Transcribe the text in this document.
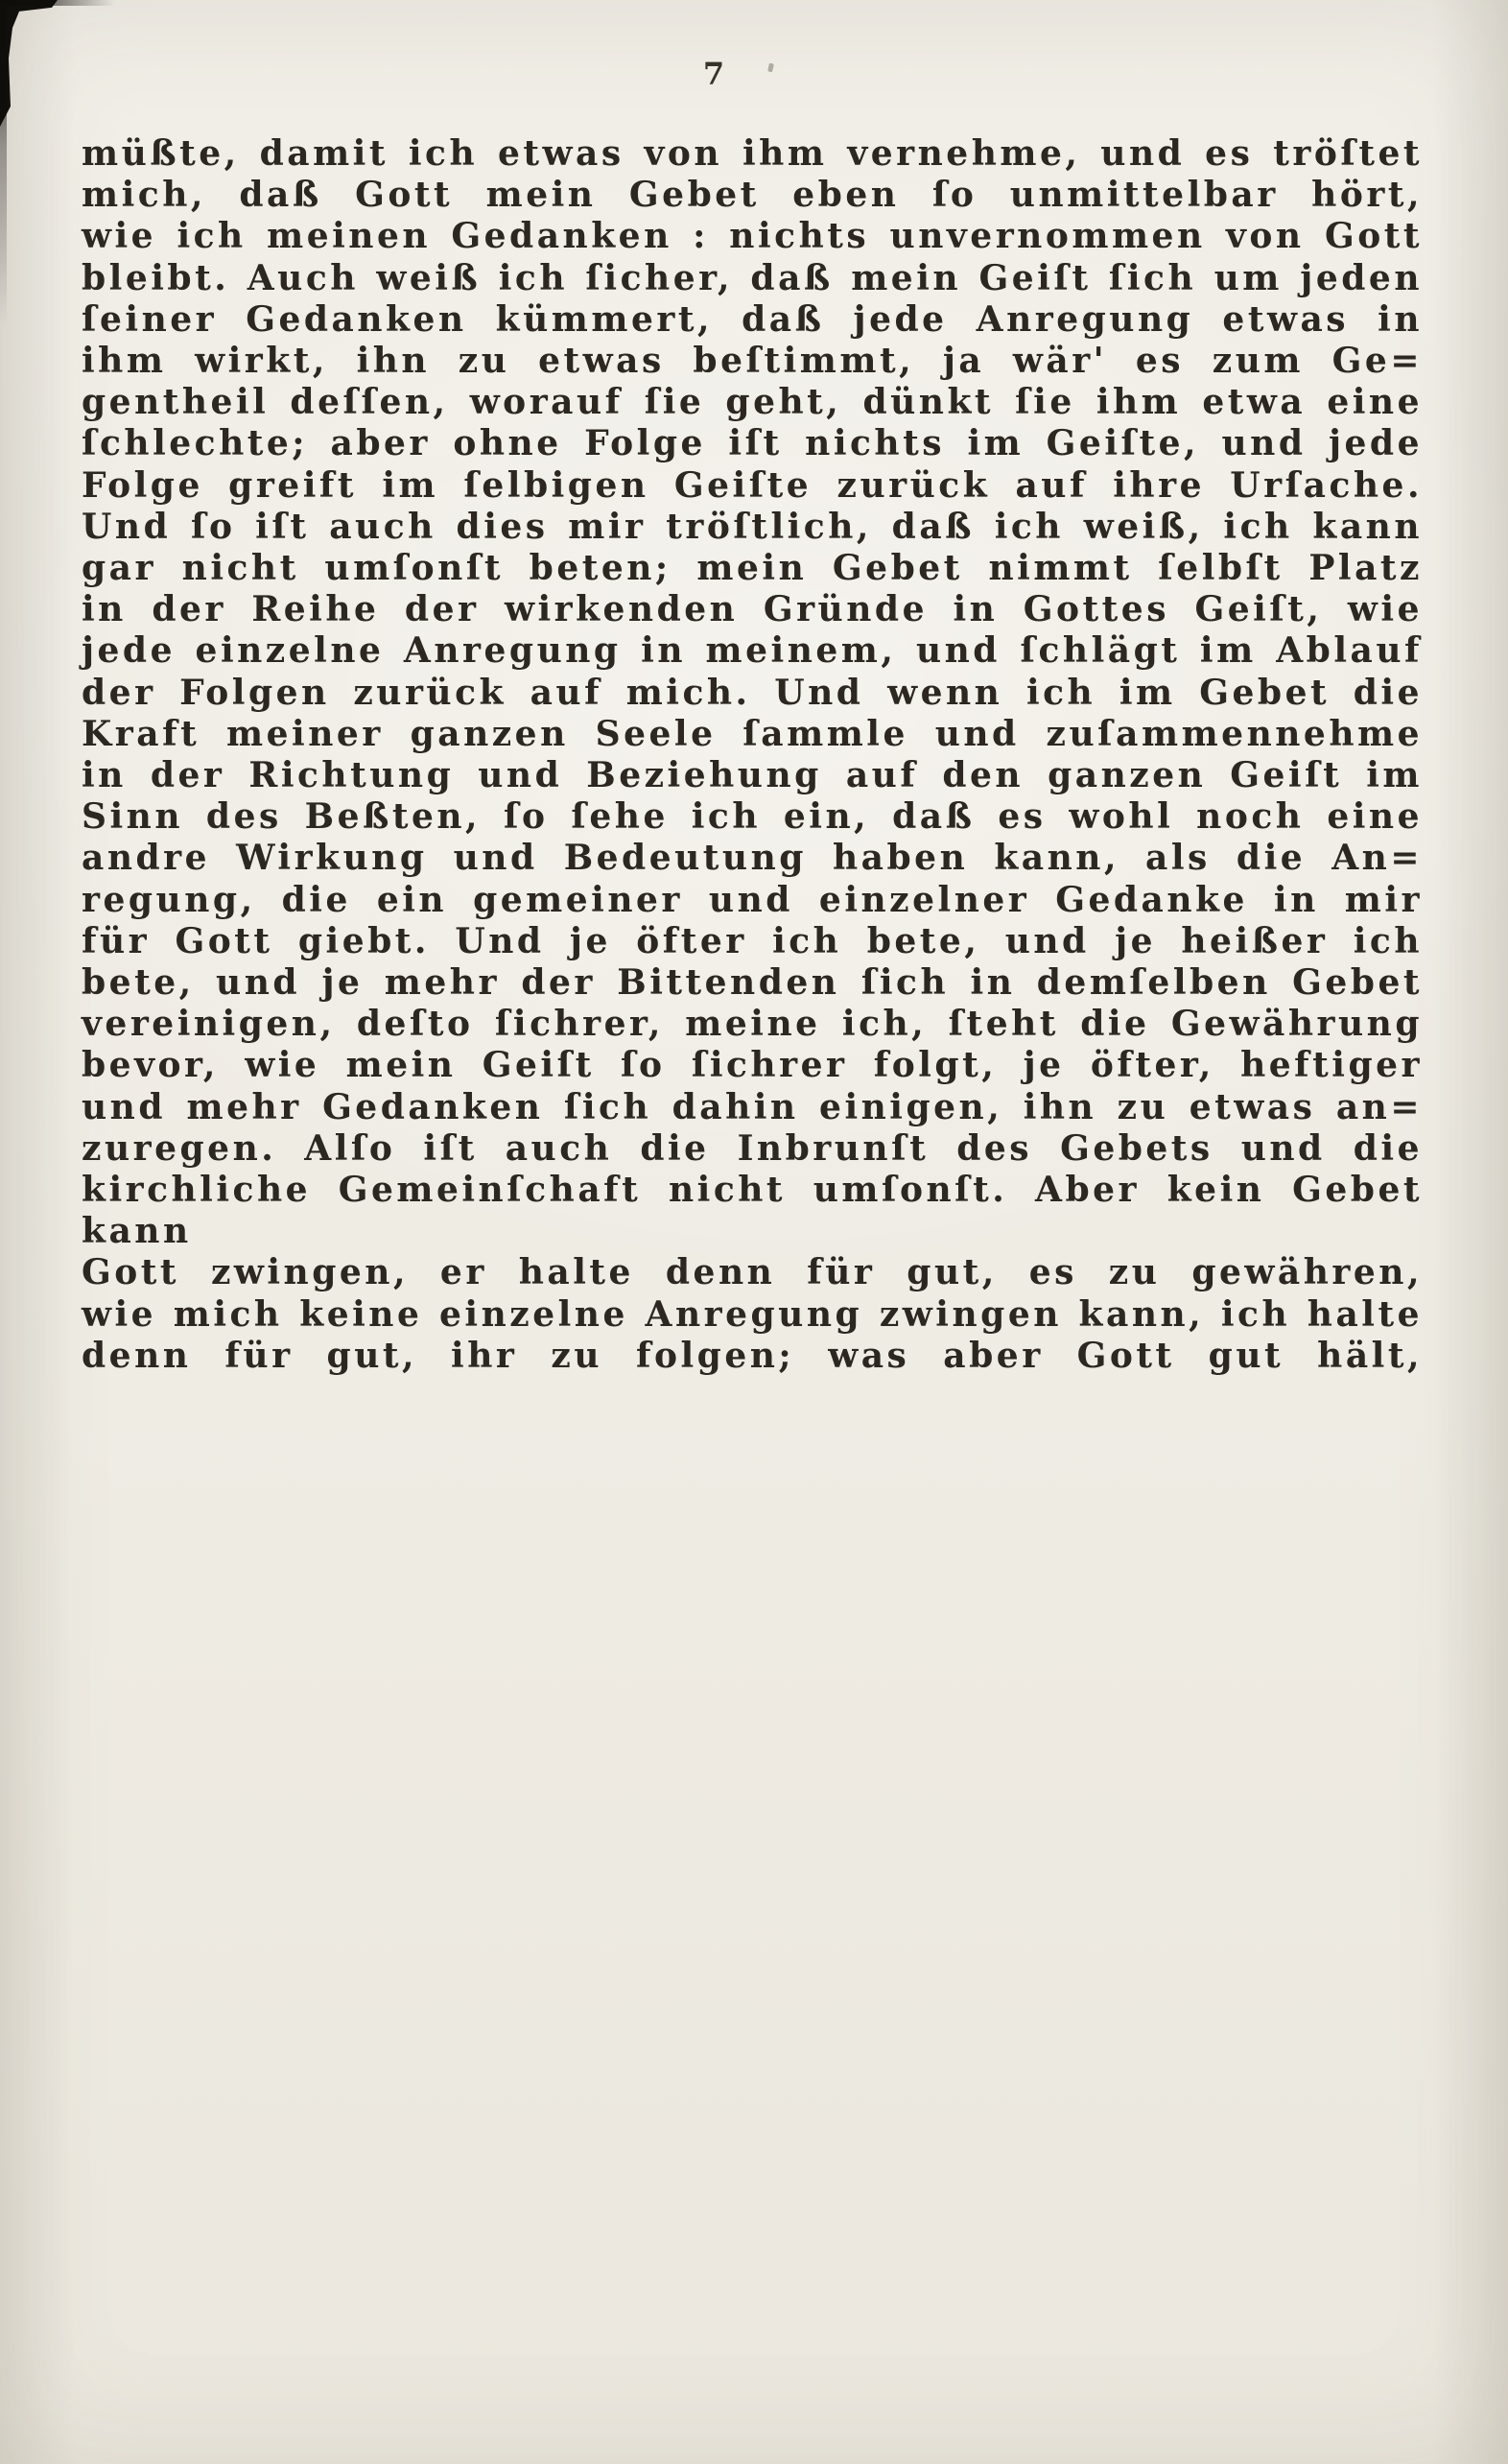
7
müßte, damit ich etwas von ihm vernehme, und es tröſtet
mich, daß Gott mein Gebet eben ſo unmittelbar hört,
wie ich meinen Gedanken : nichts unvernommen von Gott
bleibt. Auch weiß ich ſicher, daß mein Geiſt ſich um jeden
ſeiner Gedanken kümmert, daß jede Anregung etwas in
ihm wirkt, ihn zu etwas beſtimmt, ja wär' es zum Ge=
gentheil deſſen, worauf ſie geht, dünkt ſie ihm etwa eine
ſchlechte; aber ohne Folge iſt nichts im Geiſte, und jede
Folge greift im ſelbigen Geiſte zurück auf ihre Urſache.
Und ſo iſt auch dies mir tröſtlich, daß ich weiß, ich kann
gar nicht umſonſt beten; mein Gebet nimmt ſelbſt Platz
in der Reihe der wirkenden Gründe in Gottes Geiſt, wie
jede einzelne Anregung in meinem, und ſchlägt im Ablauf
der Folgen zurück auf mich. Und wenn ich im Gebet die
Kraft meiner ganzen Seele ſammle und zuſammennehme
in der Richtung und Beziehung auf den ganzen Geiſt im
Sinn des Beßten, ſo ſehe ich ein, daß es wohl noch eine
andre Wirkung und Bedeutung haben kann, als die An=
regung, die ein gemeiner und einzelner Gedanke in mir
für Gott giebt. Und je öfter ich bete, und je heißer ich
bete, und je mehr der Bittenden ſich in demſelben Gebet
vereinigen, deſto ſichrer, meine ich, ſteht die Gewährung
bevor, wie mein Geiſt ſo ſichrer folgt, je öfter, heftiger
und mehr Gedanken ſich dahin einigen, ihn zu etwas an=
zuregen. Alſo iſt auch die Inbrunſt des Gebets und die
kirchliche Gemeinſchaft nicht umſonſt. Aber kein Gebet kann
Gott zwingen, er halte denn für gut, es zu gewähren,
wie mich keine einzelne Anregung zwingen kann, ich halte
denn für gut, ihr zu folgen; was aber Gott gut hält,
